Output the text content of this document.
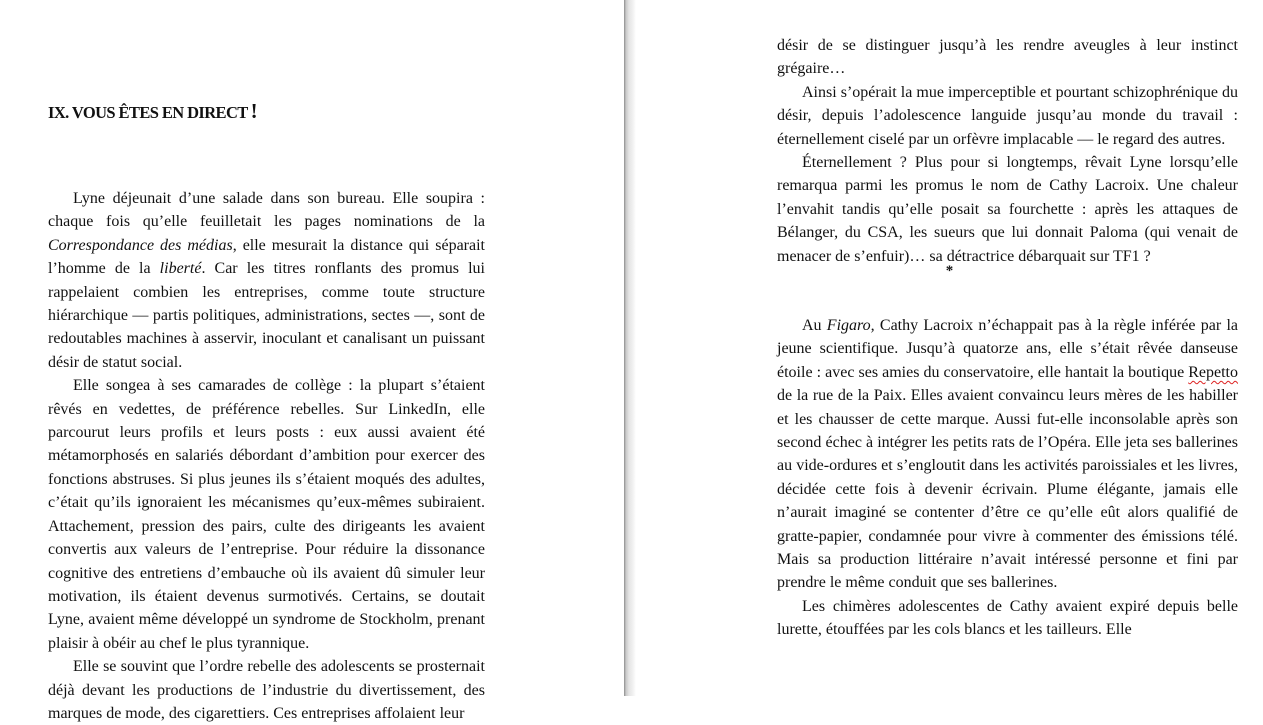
IX. VOUS ÊTES EN DIRECT !

Lyne déjeunait d’une salade dans son bureau. Elle soupira : chaque fois qu’elle feuilletait les pages nominations de la Correspondance des médias, elle mesurait la distance qui séparait l’homme de la liberté. Car les titres ronflants des promus lui rappelaient combien les entreprises, comme toute structure hiérarchique — partis politiques, administrations, sectes —, sont de redoutables machines à asservir, inoculant et canalisant un puissant désir de statut social.

Elle songea à ses camarades de collège : la plupart s’étaient rêvés en vedettes, de préférence rebelles. Sur LinkedIn, elle parcourut leurs profils et leurs posts : eux aussi avaient été métamorphosés en salariés débordant d’ambition pour exercer des fonctions abstruses. Si plus jeunes ils s’étaient moqués des adultes, c’était qu’ils ignoraient les mécanismes qu’eux-mêmes subiraient. Attachement, pression des pairs, culte des dirigeants les avaient convertis aux valeurs de l’entreprise. Pour réduire la dissonance cognitive des entretiens d’embauche où ils avaient dû simuler leur motivation, ils étaient devenus surmotivés. Certains, se doutait Lyne, avaient même développé un syndrome de Stockholm, prenant plaisir à obéir au chef le plus tyrannique.

Elle se souvint que l’ordre rebelle des adolescents se prosternait déjà devant les productions de l’industrie du divertissement, des marques de mode, des cigarettiers. Ces entreprises affolaient leur

désir de se distinguer jusqu’à les rendre aveugles à leur instinct grégaire…

Ainsi s’opérait la mue imperceptible et pourtant schizophrénique du désir, depuis l’adolescence languide jusqu’au monde du travail : éternellement ciselé par un orfèvre implacable — le regard des autres.

Éternellement ? Plus pour si longtemps, rêvait Lyne lorsqu’elle remarqua parmi les promus le nom de Cathy Lacroix. Une chaleur l’envahit tandis qu’elle posait sa fourchette : après les attaques de Bélanger, du CSA, les sueurs que lui donnait Paloma (qui venait de menacer de s’enfuir)… sa détractrice débarquait sur TF1 ?

*

Au Figaro, Cathy Lacroix n’échappait pas à la règle inférée par la jeune scientifique. Jusqu’à quatorze ans, elle s’était rêvée danseuse étoile : avec ses amies du conservatoire, elle hantait la boutique Repetto de la rue de la Paix. Elles avaient convaincu leurs mères de les habiller et les chausser de cette marque. Aussi fut-elle inconsolable après son second échec à intégrer les petits rats de l’Opéra. Elle jeta ses ballerines au vide-ordures et s’engloutit dans les activités paroissiales et les livres, décidée cette fois à devenir écrivain. Plume élégante, jamais elle n’aurait imaginé se contenter d’être ce qu’elle eût alors qualifié de gratte-papier, condamnée pour vivre à commenter des émissions télé. Mais sa production littéraire n’avait intéressé personne et fini par prendre le même conduit que ses ballerines.

Les chimères adolescentes de Cathy avaient expiré depuis belle lurette, étouffées par les cols blancs et les tailleurs. Elle
